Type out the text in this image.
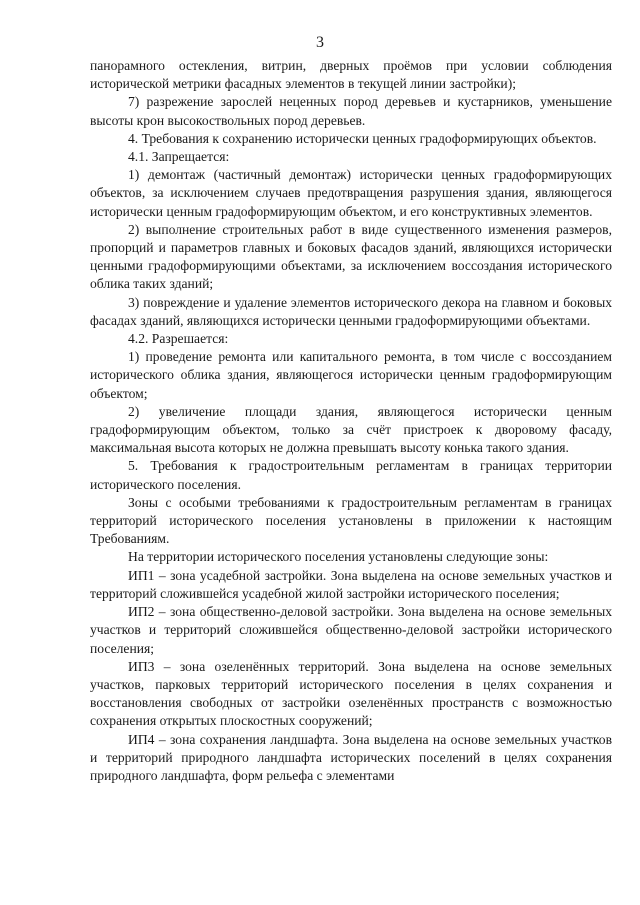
3

панорамного остекления, витрин, дверных проёмов при условии соблюдения исторической метрики фасадных элементов в текущей линии застройки);

7) разрежение зарослей неценных пород деревьев и кустарников, уменьшение высоты крон высокоствольных пород деревьев.

4. Требования к сохранению исторически ценных градоформирующих объектов.

4.1. Запрещается:

1) демонтаж (частичный демонтаж) исторически ценных градоформирующих объектов, за исключением случаев предотвращения разрушения здания, являющегося исторически ценным градоформирующим объектом, и его конструктивных элементов.

2) выполнение строительных работ в виде существенного изменения размеров, пропорций и параметров главных и боковых фасадов зданий, являющихся исторически ценными градоформирующими объектами, за исключением воссоздания исторического облика таких зданий;

3) повреждение и удаление элементов исторического декора на главном и боковых фасадах зданий, являющихся исторически ценными градоформирующими объектами.

4.2. Разрешается:

1) проведение ремонта или капитального ремонта, в том числе с воссозданием исторического облика здания, являющегося исторически ценным градоформирующим объектом;

2) увеличение площади здания, являющегося исторически ценным градоформирующим объектом, только за счёт пристроек к дворовому фасаду, максимальная высота которых не должна превышать высоту конька такого здания.

5. Требования к градостроительным регламентам в границах территории исторического поселения.

Зоны с особыми требованиями к градостроительным регламентам в границах территорий исторического поселения установлены в приложении к настоящим Требованиям.

На территории исторического поселения установлены следующие зоны:

ИП1 – зона усадебной застройки. Зона выделена на основе земельных участков и территорий сложившейся усадебной жилой застройки исторического поселения;

ИП2 – зона общественно-деловой застройки. Зона выделена на основе земельных участков и территорий сложившейся общественно-деловой застройки исторического поселения;

ИП3 – зона озеленённых территорий. Зона выделена на основе земельных участков, парковых территорий исторического поселения в целях сохранения и восстановления свободных от застройки озеленённых пространств с возможностью сохранения открытых плоскостных сооружений;

ИП4 – зона сохранения ландшафта. Зона выделена на основе земельных участков и территорий природного ландшафта исторических поселений в целях сохранения природного ландшафта, форм рельефа с элементами
